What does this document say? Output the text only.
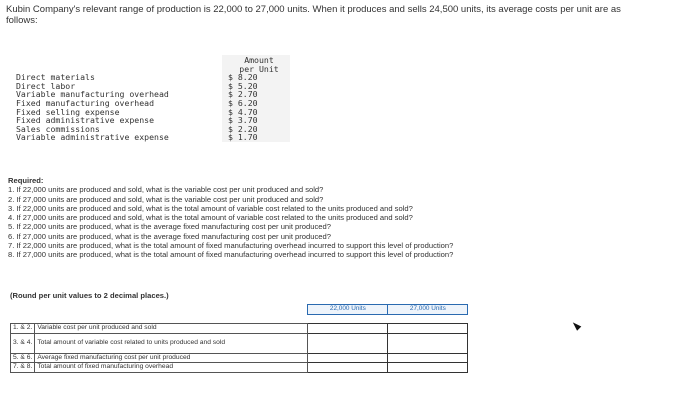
Kubin Company's relevant range of production is 22,000 to 27,000 units. When it produces and sells 24,500 units, its average costs per unit are as follows:
	Amount
per Unit
Direct materials	$ 8.20
Direct labor	$ 5.20
Variable manufacturing overhead	$ 2.70
Fixed manufacturing overhead	$ 6.20
Fixed selling expense	$ 4.70
Fixed administrative expense	$ 3.70
Sales commissions	$ 2.20
Variable administrative expense	$ 1.70
Required:
1. If 22,000 units are produced and sold, what is the variable cost per unit produced and sold?
2. If 27,000 units are produced and sold, what is the variable cost per unit produced and sold?
3. If 22,000 units are produced and sold, what is the total amount of variable cost related to the units produced and sold?
4. If 27,000 units are produced and sold, what is the total amount of variable cost related to the units produced and sold?
5. If 22,000 units are produced, what is the average fixed manufacturing cost per unit produced?
6. If 27,000 units are produced, what is the average fixed manufacturing cost per unit produced?
7. If 22,000 units are produced, what is the total amount of fixed manufacturing overhead incurred to support this level of production?
8. If 27,000 units are produced, what is the total amount of fixed manufacturing overhead incurred to support this level of production?
(Round per unit values to 2 decimal places.)
		22,000 Units	27,000 Units

1. & 2.	Variable cost per unit produced and sold		
3. & 4.	Total amount of variable cost related to units produced and sold		
5. & 6.	Average fixed manufacturing cost per unit produced		
7. & 8.	Total amount of fixed manufacturing overhead		
